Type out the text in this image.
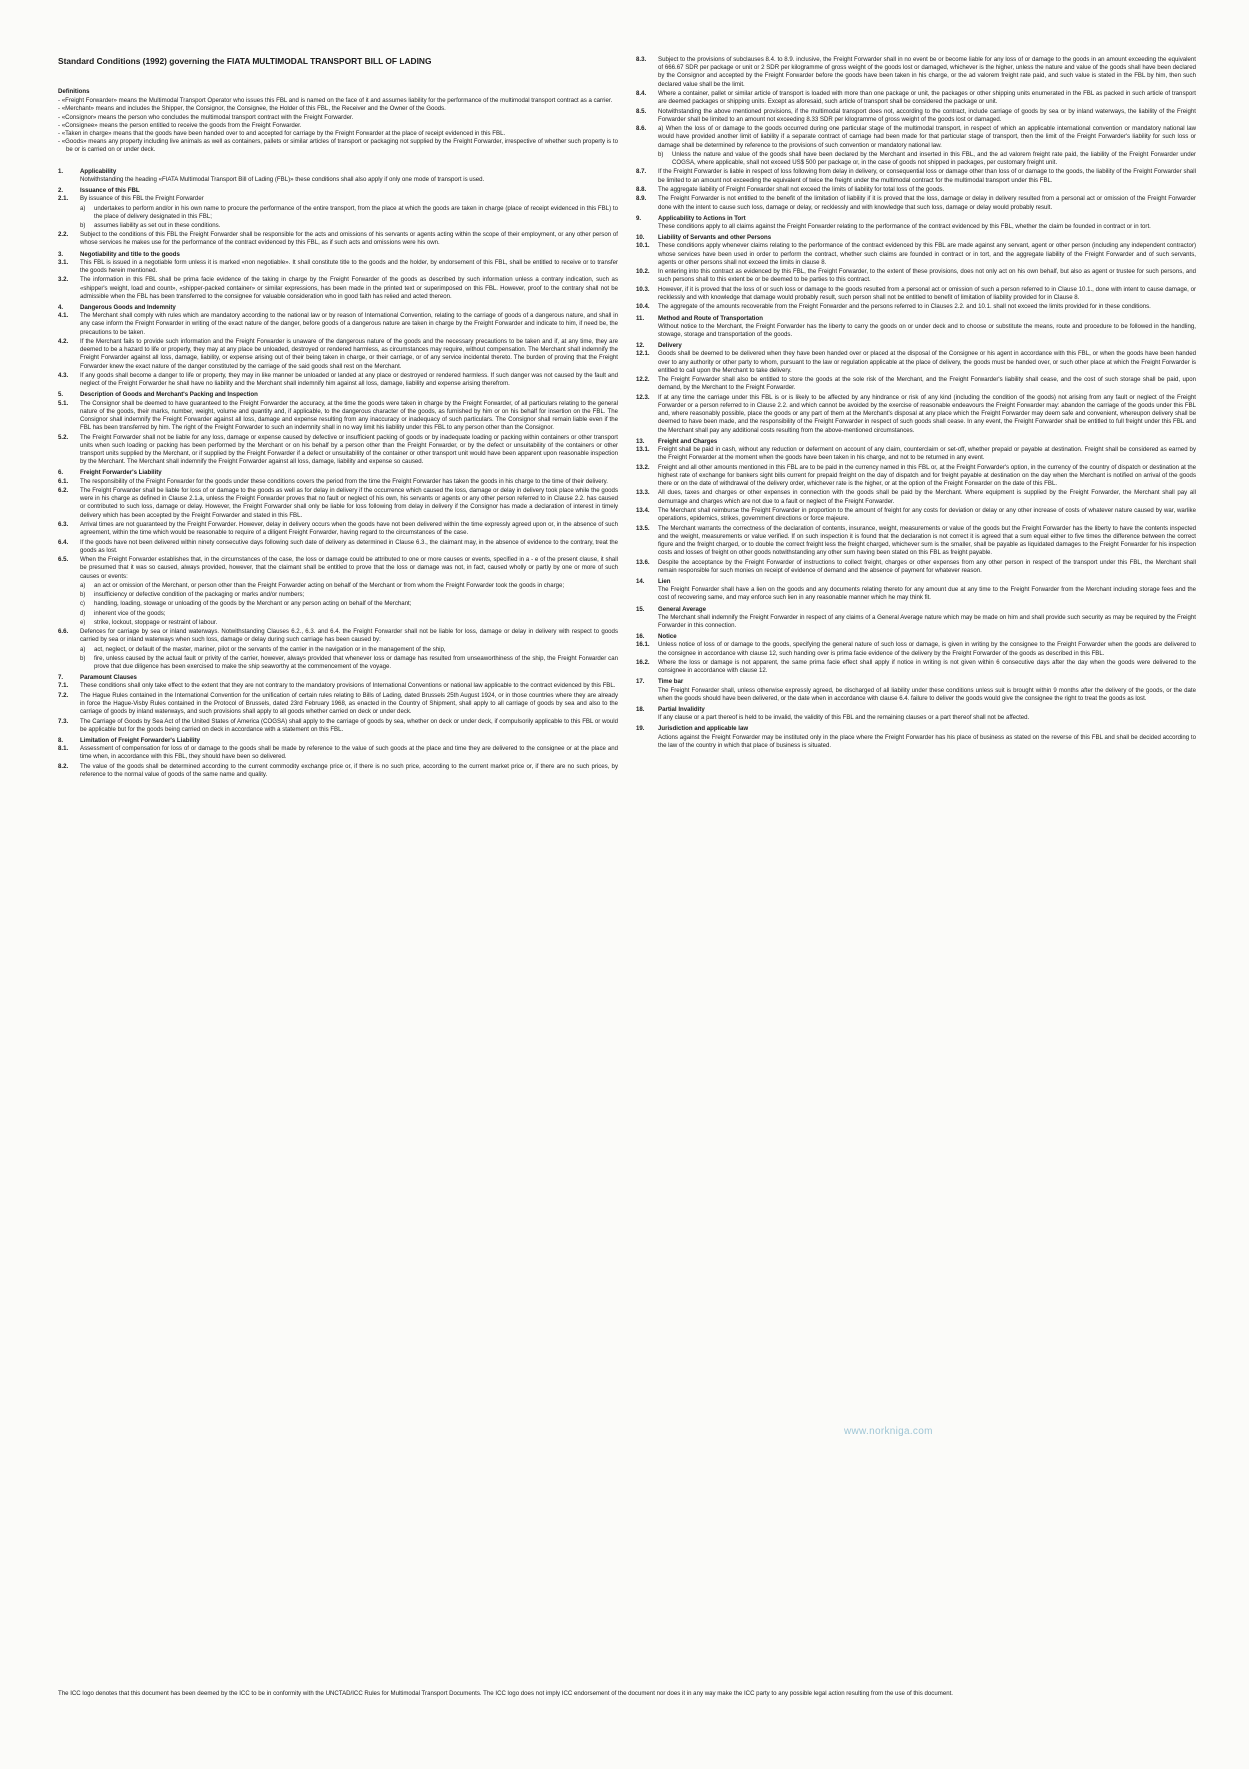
Standard Conditions (1992) governing the FIATA MULTIMODAL TRANSPORT BILL OF LADING
Definitions
- «Freight Forwarder» means the Multimodal Transport Operator who issues this FBL and is named on the face of it and assumes liability for the performance of the multimodal transport contract as a carrier.
- «Merchant» means and includes the Shipper, the Consignor, the Consignee, the Holder of this FBL, the Receiver and the Owner of the Goods.
- «Consignor» means the person who concludes the multimodal transport contract with the Freight Forwarder.
- «Consignee» means the person entitled to receive the goods from the Freight Forwarder.
- «Taken in charge» means that the goods have been handed over to and accepted for carriage by the Freight Forwarder at the place of receipt evidenced in this FBL.
- «Goods» means any property including live animals as well as containers, pallets or similar articles of transport or packaging not supplied by the Freight Forwarder, irrespective of whether such property is to be or is carried on or under deck.
1.	Applicability
Notwithstanding the heading «FIATA Multimodal Transport Bill of Lading (FBL)» these conditions shall also apply if only one mode of transport is used.
2.	Issuance of this FBL
2.1.	By issuance of this FBL the Freight Forwarder
a)	undertakes to perform and/or in his own name to procure the performance of the entire transport, from the place at which the goods are taken in charge (place of receipt evidenced in this FBL) to the place of delivery designated in this FBL;
b)	assumes liability as set out in these conditions.
2.2.	Subject to the conditions of this FBL the Freight Forwarder shall be responsible for the acts and omissions of his servants or agents acting within the scope of their employment, or any other person of whose services he makes use for the performance of the contract evidenced by this FBL, as if such acts and omissions were his own.
3.	Negotiability and title to the goods
3.1.	This FBL is issued in a negotiable form unless it is marked «non negotiable». It shall constitute title to the goods and the holder, by endorsement of this FBL, shall be entitled to receive or to transfer the goods herein mentioned.
3.2.	The information in this FBL shall be prima facie evidence of the taking in charge by the Freight Forwarder of the goods as described by such information unless a contrary indication, such as «shipper's weight, load and count», «shipper-packed container» or similar expressions, has been made in the printed text or superimposed on this FBL. However, proof to the contrary shall not be admissible when the FBL has been transferred to the consignee for valuable consideration who in good faith has relied and acted thereon.
4.	Dangerous Goods and Indemnity
4.1.	The Merchant shall comply with rules which are mandatory according to the national law or by reason of International Convention, relating to the carriage of goods of a dangerous nature, and shall in any case inform the Freight Forwarder in writing of the exact nature of the danger, before goods of a dangerous nature are taken in charge by the Freight Forwarder and indicate to him, if need be, the precautions to be taken.
4.2.	If the Merchant fails to provide such information and the Freight Forwarder is unaware of the dangerous nature of the goods and the necessary precautions to be taken and if, at any time, they are deemed to be a hazard to life or property, they may at any place be unloaded, destroyed or rendered harmless, as circumstances may require, without compensation. The Merchant shall indemnify the Freight Forwarder against all loss, damage, liability, or expense arising out of their being taken in charge, or their carriage, or of any service incidental thereto. The burden of proving that the Freight Forwarder knew the exact nature of the danger constituted by the carriage of the said goods shall rest on the Merchant.
4.3.	If any goods shall become a danger to life or property, they may in like manner be unloaded or landed at any place or destroyed or rendered harmless. If such danger was not caused by the fault and neglect of the Freight Forwarder he shall have no liability and the Merchant shall indemnify him against all loss, damage, liability and expense arising therefrom.
5.	Description of Goods and Merchant's Packing and Inspection
5.1.	The Consignor shall be deemed to have guaranteed to the Freight Forwarder the accuracy, at the time the goods were taken in charge by the Freight Forwarder, of all particulars relating to the general nature of the goods, their marks, number, weight, volume and quantity and, if applicable, to the dangerous character of the goods, as furnished by him or on his behalf for insertion on the FBL. The Consignor shall indemnify the Freight Forwarder against all loss, damage and expense resulting from any inaccuracy or inadequacy of such particulars. The Consignor shall remain liable even if the FBL has been transferred by him. The right of the Freight Forwarder to such an indemnity shall in no way limit his liability under this FBL to any person other than the Consignor.
5.2.	The Freight Forwarder shall not be liable for any loss, damage or expense caused by defective or insufficient packing of goods or by inadequate loading or packing within containers or other transport units when such loading or packing has been performed by the Merchant or on his behalf by a person other than the Freight Forwarder, or by the defect or unsuitability of the containers or other transport units supplied by the Merchant, or if supplied by the Freight Forwarder if a defect or unsuitability of the container or other transport unit would have been apparent upon reasonable inspection by the Merchant. The Merchant shall indemnify the Freight Forwarder against all loss, damage, liability and expense so caused.
6.	Freight Forwarder's Liability
6.1.	The responsibility of the Freight Forwarder for the goods under these conditions covers the period from the time the Freight Forwarder has taken the goods in his charge to the time of their delivery.
6.2.	The Freight Forwarder shall be liable for loss of or damage to the goods as well as for delay in delivery if the occurrence which caused the loss, damage or delay in delivery took place while the goods were in his charge as defined in Clause 2.1.a, unless the Freight Forwarder proves that no fault or neglect of his own, his servants or agents or any other person referred to in Clause 2.2. has caused or contributed to such loss, damage or delay. However, the Freight Forwarder shall only be liable for loss following from delay in delivery if the Consignor has made a declaration of interest in timely delivery which has been accepted by the Freight Forwarder and stated in this FBL.
6.3.	Arrival times are not guaranteed by the Freight Forwarder. However, delay in delivery occurs when the goods have not been delivered within the time expressly agreed upon or, in the absence of such agreement, within the time which would be reasonable to require of a diligent Freight Forwarder, having regard to the circumstances of the case.
6.4.	If the goods have not been delivered within ninety consecutive days following such date of delivery as determined in Clause 6.3., the claimant may, in the absence of evidence to the contrary, treat the goods as lost.
6.5.	When the Freight Forwarder establishes that, in the circumstances of the case, the loss or damage could be attributed to one or more causes or events, specified in a - e of the present clause, it shall be presumed that it was so caused, always provided, however, that the claimant shall be entitled to prove that the loss or damage was not, in fact, caused wholly or partly by one or more of such causes or events:
a)	an act or omission of the Merchant, or person other than the Freight Forwarder acting on behalf of the Merchant or from whom the Freight Forwarder took the goods in charge;
b)	insufficiency or defective condition of the packaging or marks and/or numbers;
c)	handling, loading, stowage or unloading of the goods by the Merchant or any person acting on behalf of the Merchant;
d)	inherent vice of the goods;
e)	strike, lockout, stoppage or restraint of labour.
6.6.	Defences for carriage by sea or inland waterways. Notwithstanding Clauses 6.2., 6.3. and 6.4. the Freight Forwarder shall not be liable for loss, damage or delay in delivery with respect to goods carried by sea or inland waterways when such loss, damage or delay during such carriage has been caused by:
a)	act, neglect, or default of the master, mariner, pilot or the servants of the carrier in the navigation or in the management of the ship,
b)	fire, unless caused by the actual fault or privity of the carrier, however, always provided that whenever loss or damage has resulted from unseaworthiness of the ship, the Freight Forwarder can prove that due diligence has been exercised to make the ship seaworthy at the commencement of the voyage.
7.	Paramount Clauses
7.1.	These conditions shall only take effect to the extent that they are not contrary to the mandatory provisions of International Conventions or national law applicable to the contract evidenced by this FBL.
7.2.	The Hague Rules contained in the International Convention for the unification of certain rules relating to Bills of Lading, dated Brussels 25th August 1924, or in those countries where they are already in force the Hague-Visby Rules contained in the Protocol of Brussels, dated 23rd February 1968, as enacted in the Country of Shipment, shall apply to all carriage of goods by sea and also to the carriage of goods by inland waterways, and such provisions shall apply to all goods whether carried on deck or under deck.
7.3.	The Carriage of Goods by Sea Act of the United States of America (COGSA) shall apply to the carriage of goods by sea, whether on deck or under deck, if compulsorily applicable to this FBL or would be applicable but for the goods being carried on deck in accordance with a statement on this FBL.
8.	Limitation of Freight Forwarder's Liability
8.1.	Assessment of compensation for loss of or damage to the goods shall be made by reference to the value of such goods at the place and time they are delivered to the consignee or at the place and time when, in accordance with this FBL, they should have been so delivered.
8.2.	The value of the goods shall be determined according to the current commodity exchange price or, if there is no such price, according to the current market price or, if there are no such prices, by reference to the normal value of goods of the same name and quality.
8.3.	Subject to the provisions of subclauses 8.4. to 8.9. inclusive, the Freight Forwarder shall in no event be or become liable for any loss of or damage to the goods in an amount exceeding the equivalent of 666.67 SDR per package or unit or 2 SDR per kilogramme of gross weight of the goods lost or damaged, whichever is the higher, unless the nature and value of the goods shall have been declared by the Consignor and accepted by the Freight Forwarder before the goods have been taken in his charge, or the ad valorem freight rate paid, and such value is stated in the FBL by him, then such declared value shall be the limit.
8.4.	Where a container, pallet or similar article of transport is loaded with more than one package or unit, the packages or other shipping units enumerated in the FBL as packed in such article of transport are deemed packages or shipping units. Except as aforesaid, such article of transport shall be considered the package or unit.
8.5.	Notwithstanding the above mentioned provisions, if the multimodal transport does not, according to the contract, include carriage of goods by sea or by inland waterways, the liability of the Freight Forwarder shall be limited to an amount not exceeding 8.33 SDR per kilogramme of gross weight of the goods lost or damaged.
8.6.	a) When the loss of or damage to the goods occurred during one particular stage of the multimodal transport, in respect of which an applicable international convention or mandatory national law would have provided another limit of liability if a separate contract of carriage had been made for that particular stage of transport, then the limit of the Freight Forwarder's liability for such loss or damage shall be determined by reference to the provisions of such convention or mandatory national law.
b)	Unless the nature and value of the goods shall have been declared by the Merchant and inserted in this FBL, and the ad valorem freight rate paid, the liability of the Freight Forwarder under COGSA, where applicable, shall not exceed US$ 500 per package or, in the case of goods not shipped in packages, per customary freight unit.
8.7.	If the Freight Forwarder is liable in respect of loss following from delay in delivery, or consequential loss or damage other than loss of or damage to the goods, the liability of the Freight Forwarder shall be limited to an amount not exceeding the equivalent of twice the freight under the multimodal contract for the multimodal transport under this FBL.
8.8.	The aggregate liability of Freight Forwarder shall not exceed the limits of liability for total loss of the goods.
8.9.	The Freight Forwarder is not entitled to the benefit of the limitation of liability if it is proved that the loss, damage or delay in delivery resulted from a personal act or omission of the Freight Forwarder done with the intent to cause such loss, damage or delay, or recklessly and with knowledge that such loss, damage or delay would probably result.
9.	Applicability to Actions in Tort
These conditions apply to all claims against the Freight Forwarder relating to the performance of the contract evidenced by this FBL, whether the claim be founded in contract or in tort.
10.	Liability of Servants and other Persons
10.1.	These conditions apply whenever claims relating to the performance of the contract evidenced by this FBL are made against any servant, agent or other person (including any independent contractor) whose services have been used in order to perform the contract, whether such claims are founded in contract or in tort, and the aggregate liability of the Freight Forwarder and of such servants, agents or other persons shall not exceed the limits in clause 8.
10.2.	In entering into this contract as evidenced by this FBL, the Freight Forwarder, to the extent of these provisions, does not only act on his own behalf, but also as agent or trustee for such persons, and such persons shall to this extent be or be deemed to be parties to this contract.
10.3.	However, if it is proved that the loss of or such loss or damage to the goods resulted from a personal act or omission of such a person referred to in Clause 10.1., done with intent to cause damage, or recklessly and with knowledge that damage would probably result, such person shall not be entitled to benefit of limitation of liability provided for in Clause 8.
10.4.	The aggregate of the amounts recoverable from the Freight Forwarder and the persons referred to in Clauses 2.2. and 10.1. shall not exceed the limits provided for in these conditions.
11.	Method and Route of Transportation
Without notice to the Merchant, the Freight Forwarder has the liberty to carry the goods on or under deck and to choose or substitute the means, route and procedure to be followed in the handling, stowage, storage and transportation of the goods.
12.	Delivery
12.1.	Goods shall be deemed to be delivered when they have been handed over or placed at the disposal of the Consignee or his agent in accordance with this FBL, or when the goods have been handed over to any authority or other party to whom, pursuant to the law or regulation applicable at the place of delivery, the goods must be handed over, or such other place at which the Freight Forwarder is entitled to call upon the Merchant to take delivery.
12.2.	The Freight Forwarder shall also be entitled to store the goods at the sole risk of the Merchant, and the Freight Forwarder's liability shall cease, and the cost of such storage shall be paid, upon demand, by the Merchant to the Freight Forwarder.
12.3.	If at any time the carriage under this FBL is or is likely to be affected by any hindrance or risk of any kind (including the condition of the goods) not arising from any fault or neglect of the Freight Forwarder or a person referred to in Clause 2.2. and which cannot be avoided by the exercise of reasonable endeavours the Freight Forwarder may: abandon the carriage of the goods under this FBL and, where reasonably possible, place the goods or any part of them at the Merchant's disposal at any place which the Freight Forwarder may deem safe and convenient, whereupon delivery shall be deemed to have been made, and the responsibility of the Freight Forwarder in respect of such goods shall cease. In any event, the Freight Forwarder shall be entitled to full freight under this FBL and the Merchant shall pay any additional costs resulting from the above-mentioned circumstances.
13.	Freight and Charges
13.1.	Freight shall be paid in cash, without any reduction or deferment on account of any claim, counterclaim or set-off, whether prepaid or payable at destination. Freight shall be considered as earned by the Freight Forwarder at the moment when the goods have been taken in his charge, and not to be returned in any event.
13.2.	Freight and all other amounts mentioned in this FBL are to be paid in the currency named in this FBL or, at the Freight Forwarder's option, in the currency of the country of dispatch or destination at the highest rate of exchange for bankers sight bills current for prepaid freight on the day of dispatch and for freight payable at destination on the day when the Merchant is notified on arrival of the goods there or on the date of withdrawal of the delivery order, whichever rate is the higher, or at the option of the Freight Forwarder on the date of this FBL.
13.3.	All dues, taxes and charges or other expenses in connection with the goods shall be paid by the Merchant. Where equipment is supplied by the Freight Forwarder, the Merchant shall pay all demurrage and charges which are not due to a fault or neglect of the Freight Forwarder.
13.4.	The Merchant shall reimburse the Freight Forwarder in proportion to the amount of freight for any costs for deviation or delay or any other increase of costs of whatever nature caused by war, warlike operations, epidemics, strikes, government directions or force majeure.
13.5.	The Merchant warrants the correctness of the declaration of contents, insurance, weight, measurements or value of the goods but the Freight Forwarder has the liberty to have the contents inspected and the weight, measurements or value verified. If on such inspection it is found that the declaration is not correct it is agreed that a sum equal either to five times the difference between the correct figure and the freight charged, or to double the correct freight less the freight charged, whichever sum is the smaller, shall be payable as liquidated damages to the Freight Forwarder for his inspection costs and losses of freight on other goods notwithstanding any other sum having been stated on this FBL as freight payable.
13.6.	Despite the acceptance by the Freight Forwarder of instructions to collect freight, charges or other expenses from any other person in respect of the transport under this FBL, the Merchant shall remain responsible for such monies on receipt of evidence of demand and the absence of payment for whatever reason.
14.	Lien
The Freight Forwarder shall have a lien on the goods and any documents relating thereto for any amount due at any time to the Freight Forwarder from the Merchant including storage fees and the cost of recovering same, and may enforce such lien in any reasonable manner which he may think fit.
15.	General Average
The Merchant shall indemnify the Freight Forwarder in respect of any claims of a General Average nature which may be made on him and shall provide such security as may be required by the Freight Forwarder in this connection.
16.	Notice
16.1.	Unless notice of loss of or damage to the goods, specifying the general nature of such loss or damage, is given in writing by the consignee to the Freight Forwarder when the goods are delivered to the consignee in accordance with clause 12, such handing over is prima facie evidence of the delivery by the Freight Forwarder of the goods as described in this FBL.
16.2.	Where the loss or damage is not apparent, the same prima facie effect shall apply if notice in writing is not given within 6 consecutive days after the day when the goods were delivered to the consignee in accordance with clause 12.
17.	Time bar
The Freight Forwarder shall, unless otherwise expressly agreed, be discharged of all liability under these conditions unless suit is brought within 9 months after the delivery of the goods, or the date when the goods should have been delivered, or the date when in accordance with clause 6.4. failure to deliver the goods would give the consignee the right to treat the goods as lost.
18.	Partial Invalidity
If any clause or a part thereof is held to be invalid, the validity of this FBL and the remaining clauses or a part thereof shall not be affected.
19.	Jurisdiction and applicable law
Actions against the Freight Forwarder may be instituted only in the place where the Freight Forwarder has his place of business as stated on the reverse of this FBL and shall be decided according to the law of the country in which that place of business is situated.
www.norkniga.com
The ICC logo denotes that this document has been deemed by the ICC to be in conformity with the UNCTAD/ICC Rules for Multimodal Transport Documents. The ICC logo does not imply ICC endorsement of the document nor does it in any way make the ICC party to any possible legal action resulting from the use of this document.
